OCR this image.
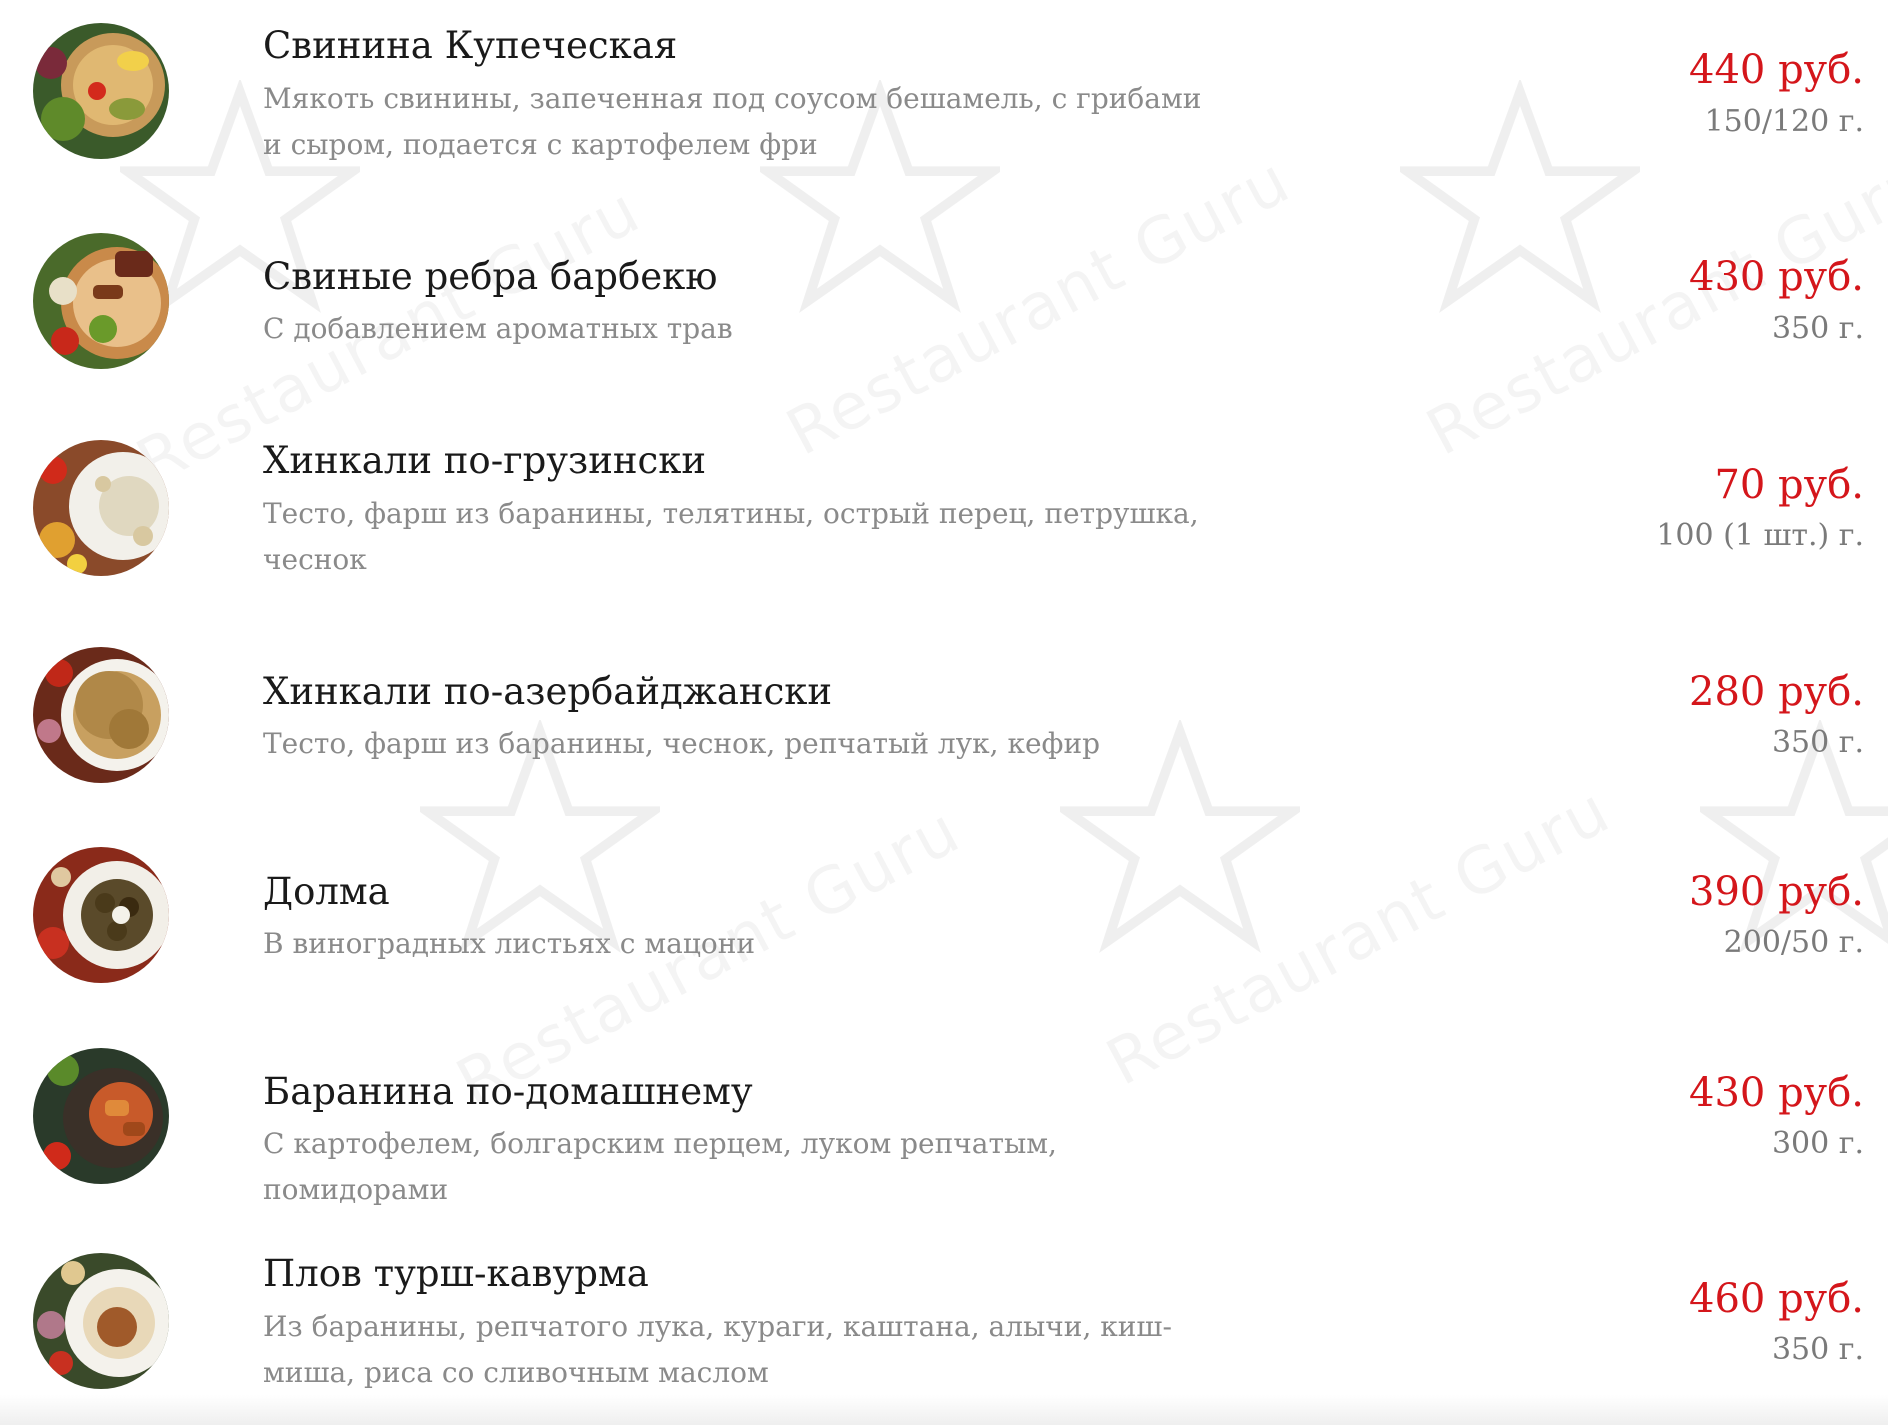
Свинина Купеческая
Мякоть свинины, запеченная под соусом бешамель, с грибами и сыром, подается с картофелем фри
440 руб.
150/120 г.
Свиные ребра барбекю
С добавлением ароматных трав
430 руб.
350 г.
Хинкали по-грузински
Тесто, фарш из баранины, телятины, острый перец, петрушка, чеснок
70 руб.
100 (1 шт.) г.
Хинкали по-азербайджански
Тесто, фарш из баранины, чеснок, репчатый лук, кефир
280 руб.
350 г.
Долма
В виноградных листьях с мацони
390 руб.
200/50 г.
Баранина по-домашнему
С картофелем, болгарским перцем, луком репчатым, помидорами
430 руб.
300 г.
Плов турш-кавурма
Из баранины, репчатого лука, кураги, каштана, алычи, киш-миша, риса со сливочным маслом
460 руб.
350 г.
